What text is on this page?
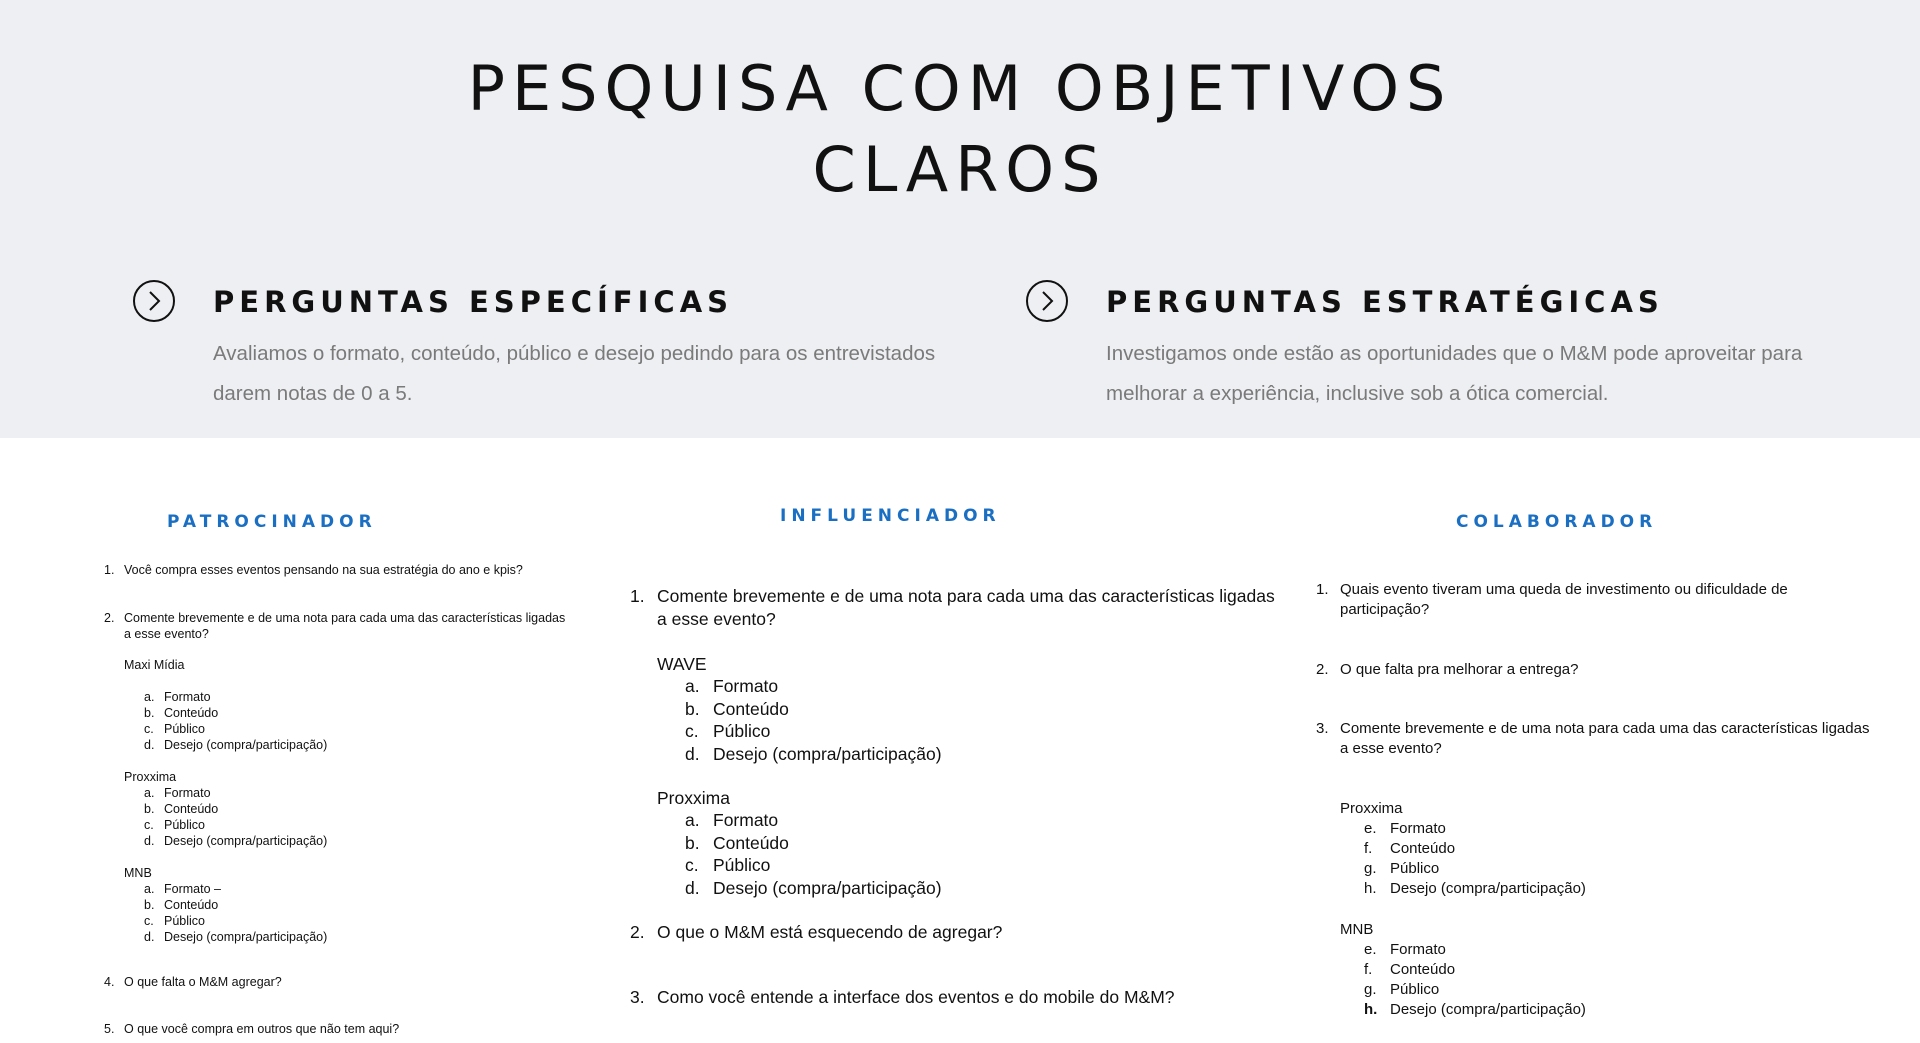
PESQUISA COM OBJETIVOS
CLAROS
PERGUNTAS ESPECÍFICAS

Avaliamos o formato, conteúdo, público e desejo pedindo para os entrevistados
darem notas de 0 a 5.

PERGUNTAS ESTRATÉGICAS

Investigamos onde estão as oportunidades que o M&M pode aproveitar para
melhorar a experiência, inclusive sob a ótica comercial.

PATROCINADOR	INFLUENCIADOR	COLABORADOR
1. Você compra esses eventos pensando na sua estratégia do ano e kpis?
2. Comente brevemente e de uma nota para cada uma das características ligadas
a esse evento?
Maxi Mídia
a. Formato
b. Conteúdo
c. Público
d. Desejo (compra/participação)
Proxxima
a. Formato
b. Conteúdo
c. Público
d. Desejo (compra/participação)
MNB
a. Formato –
b. Conteúdo
c. Público
d. Desejo (compra/participação)
4. O que falta o M&M agregar?
5. O que você compra em outros que não tem aqui?
1. Comente brevemente e de uma nota para cada uma das características ligadas
a esse evento?
WAVE
a. Formato
b. Conteúdo
c. Público
d. Desejo (compra/participação)
Proxxima
a. Formato
b. Conteúdo
c. Público
d. Desejo (compra/participação)
2. O que o M&M está esquecendo de agregar?
3. Como você entende a interface dos eventos e do mobile do M&M?
1. Quais evento tiveram uma queda de investimento ou dificuldade de
participação?
2. O que falta pra melhorar a entrega?
3. Comente brevemente e de uma nota para cada uma das características ligadas
a esse evento?
Proxxima
e. Formato
f. Conteúdo
g. Público
h. Desejo (compra/participação)
MNB
e. Formato
f. Conteúdo
g. Público
h. Desejo (compra/participação)
